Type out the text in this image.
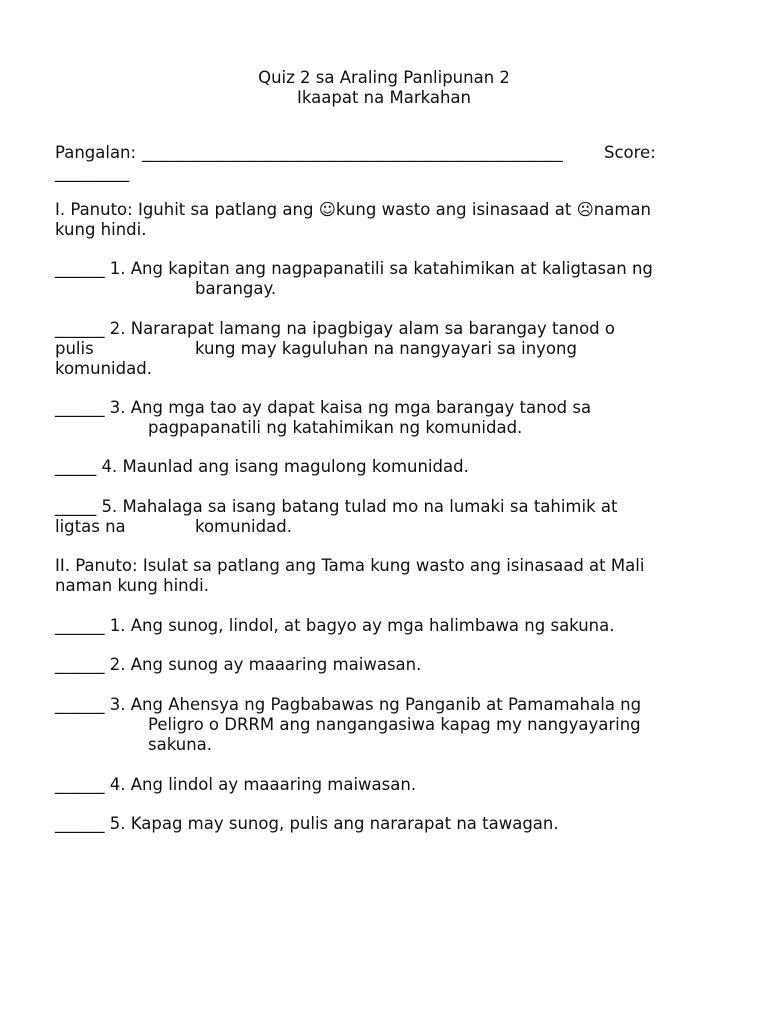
Quiz 2 sa Araling Panlipunan 2
Ikaapat na Markahan
Pangalan: ___________________________________________________	Score:
_________
I. Panuto: Iguhit sa patlang ang ☺kung wasto ang isinasaad at ☹naman
kung hindi.
______ 1. Ang kapitan ang nagpapanatili sa katahimikan at kaligtasan ng
barangay.
______ 2. Nararapat lamang na ipagbigay alam sa barangay tanod o
pulis	kung may kaguluhan na nangyayari sa inyong
komunidad.
______ 3. Ang mga tao ay dapat kaisa ng mga barangay tanod sa
pagpapanatili ng katahimikan ng komunidad.
_____ 4. Maunlad ang isang magulong komunidad.
_____ 5. Mahalaga sa isang batang tulad mo na lumaki sa tahimik at
ligtas na	komunidad.
II. Panuto: Isulat sa patlang ang Tama kung wasto ang isinasaad at Mali
naman kung hindi.
______ 1. Ang sunog, lindol, at bagyo ay mga halimbawa ng sakuna.
______ 2. Ang sunog ay maaaring maiwasan.
______ 3. Ang Ahensya ng Pagbabawas ng Panganib at Pamamahala ng
Peligro o DRRM ang nangangasiwa kapag my nangyayaring
sakuna.
______ 4. Ang lindol ay maaaring maiwasan.
______ 5. Kapag may sunog, pulis ang nararapat na tawagan.
